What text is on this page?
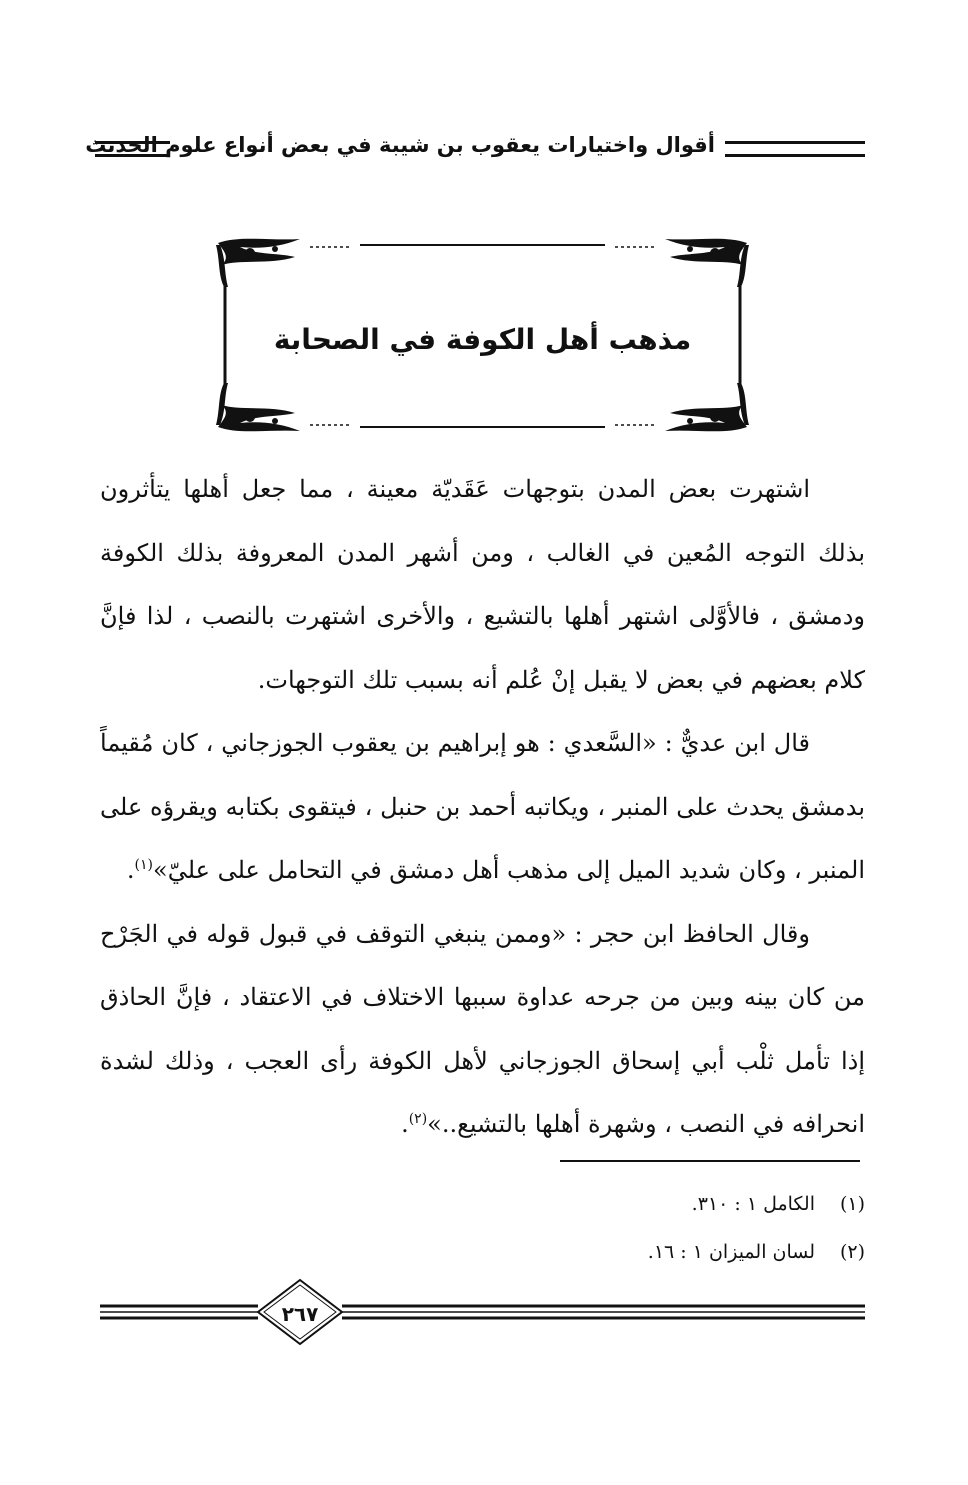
أقوال واختيارات يعقوب بن شيبة في بعض أنواع علوم الحديث
مذهب أهل الكوفة في الصحابة

اشتهرت بعض المدن بتوجهات عَقَديّة معينة ، مما جعل أهلها يتأثرون بذلك التوجه المُعين في الغالب ، ومن أشهر المدن المعروفة بذلك الكوفة ودمشق ، فالأوَّلى اشتهر أهلها بالتشيع ، والأخرى اشتهرت بالنصب ، لذا فإنَّ كلام بعضهم في بعض لا يقبل إنْ عُلم أنه بسبب تلك التوجهات.

قال ابن عديٌّ : «السَّعدي : هو إبراهيم بن يعقوب الجوزجاني ، كان مُقيماً بدمشق يحدث على المنبر ، ويكاتبه أحمد بن حنبل ، فيتقوى بكتابه ويقرؤه على المنبر ، وكان شديد الميل إلى مذهب أهل دمشق في التحامل على عليّ»$^{(١)}$.

وقال الحافظ ابن حجر : «وممن ينبغي التوقف في قبول قوله في الجَرْح من كان بينه وبين من جرحه عداوة سببها الاختلاف في الاعتقاد ، فإنَّ الحاذق إذا تأمل ثلْب أبي إسحاق الجوزجاني لأهل الكوفة رأى العجب ، وذلك لشدة انحرافه في النصب ، وشهرة أهلها بالتشيع..»$^{(٢)}$.

(١)الكامل ١ : ٣١٠.

(٢)لسان الميزان ١ : ١٦.

٢٦٧
